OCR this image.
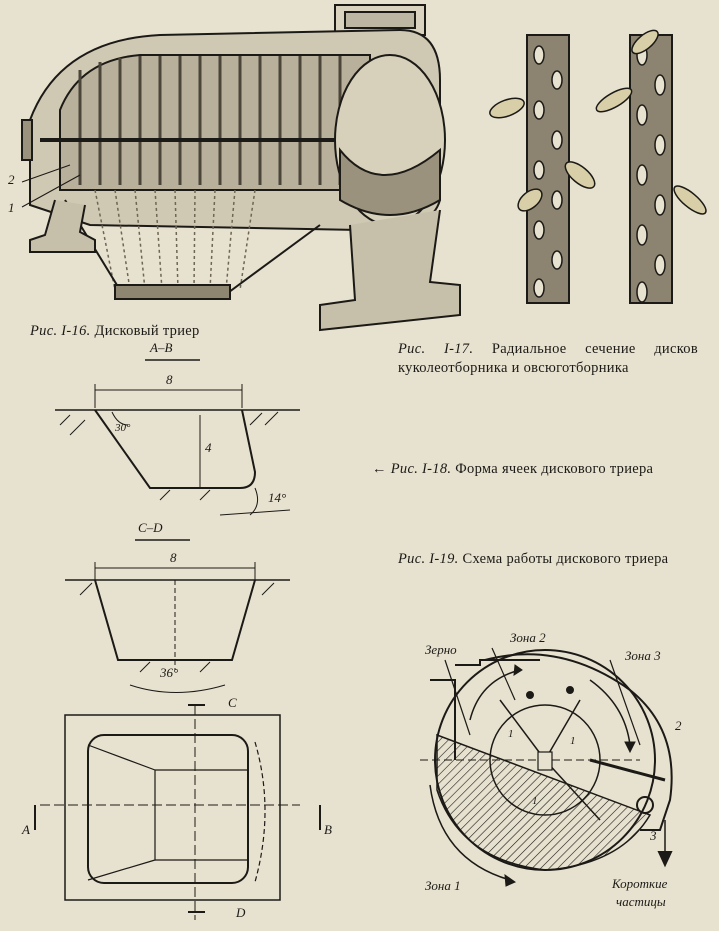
2
1
Рис. I-16. Дисковый триер
Рис. I-17. Радиальное сечение дисков куколеотборника и овсюготборника
← Рис. I-18. Форма ячеек дискового триера
Рис. I-19. Схема работы дискового триера
A–B
8
4
30°
14°
C–D
8
36°
C
D
A	B
Зерно
Зона 2
Зона 3
Зона 1	Короткие
частицы
1
1
1
2
3
